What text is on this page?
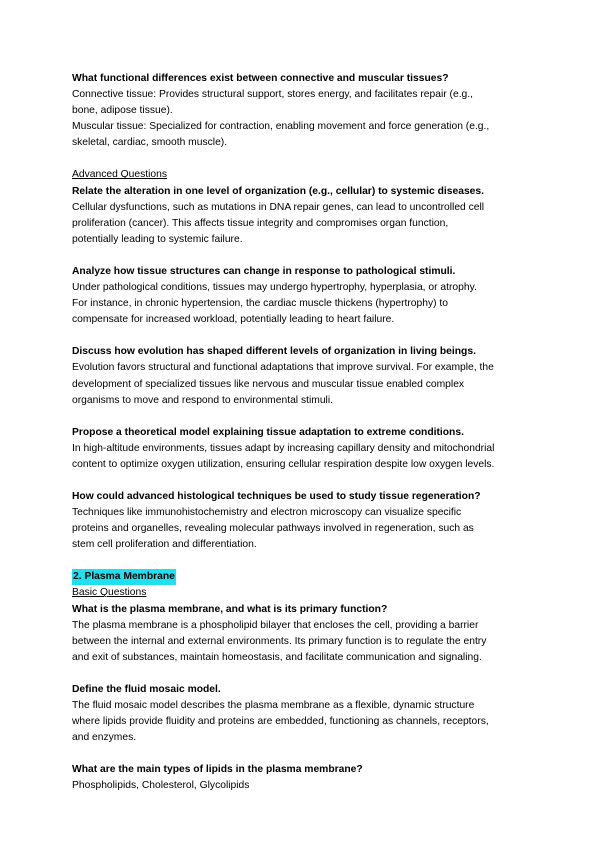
What functional differences exist between connective and muscular tissues?
Connective tissue: Provides structural support, stores energy, and facilitates repair (e.g.,
bone, adipose tissue).
Muscular tissue: Specialized for contraction, enabling movement and force generation (e.g.,
skeletal, cardiac, smooth muscle).
Advanced Questions
Relate the alteration in one level of organization (e.g., cellular) to systemic diseases.
Cellular dysfunctions, such as mutations in DNA repair genes, can lead to uncontrolled cell
proliferation (cancer). This affects tissue integrity and compromises organ function,
potentially leading to systemic failure.
Analyze how tissue structures can change in response to pathological stimuli.
Under pathological conditions, tissues may undergo hypertrophy, hyperplasia, or atrophy.
For instance, in chronic hypertension, the cardiac muscle thickens (hypertrophy) to
compensate for increased workload, potentially leading to heart failure.
Discuss how evolution has shaped different levels of organization in living beings.
Evolution favors structural and functional adaptations that improve survival. For example, the
development of specialized tissues like nervous and muscular tissue enabled complex
organisms to move and respond to environmental stimuli.
Propose a theoretical model explaining tissue adaptation to extreme conditions.
In high-altitude environments, tissues adapt by increasing capillary density and mitochondrial
content to optimize oxygen utilization, ensuring cellular respiration despite low oxygen levels.
How could advanced histological techniques be used to study tissue regeneration?
Techniques like immunohistochemistry and electron microscopy can visualize specific
proteins and organelles, revealing molecular pathways involved in regeneration, such as
stem cell proliferation and differentiation.
2. Plasma Membrane
Basic Questions
What is the plasma membrane, and what is its primary function?
The plasma membrane is a phospholipid bilayer that encloses the cell, providing a barrier
between the internal and external environments. Its primary function is to regulate the entry
and exit of substances, maintain homeostasis, and facilitate communication and signaling.
Define the fluid mosaic model.
The fluid mosaic model describes the plasma membrane as a flexible, dynamic structure
where lipids provide fluidity and proteins are embedded, functioning as channels, receptors,
and enzymes.
What are the main types of lipids in the plasma membrane?
Phospholipids, Cholesterol, Glycolipids
